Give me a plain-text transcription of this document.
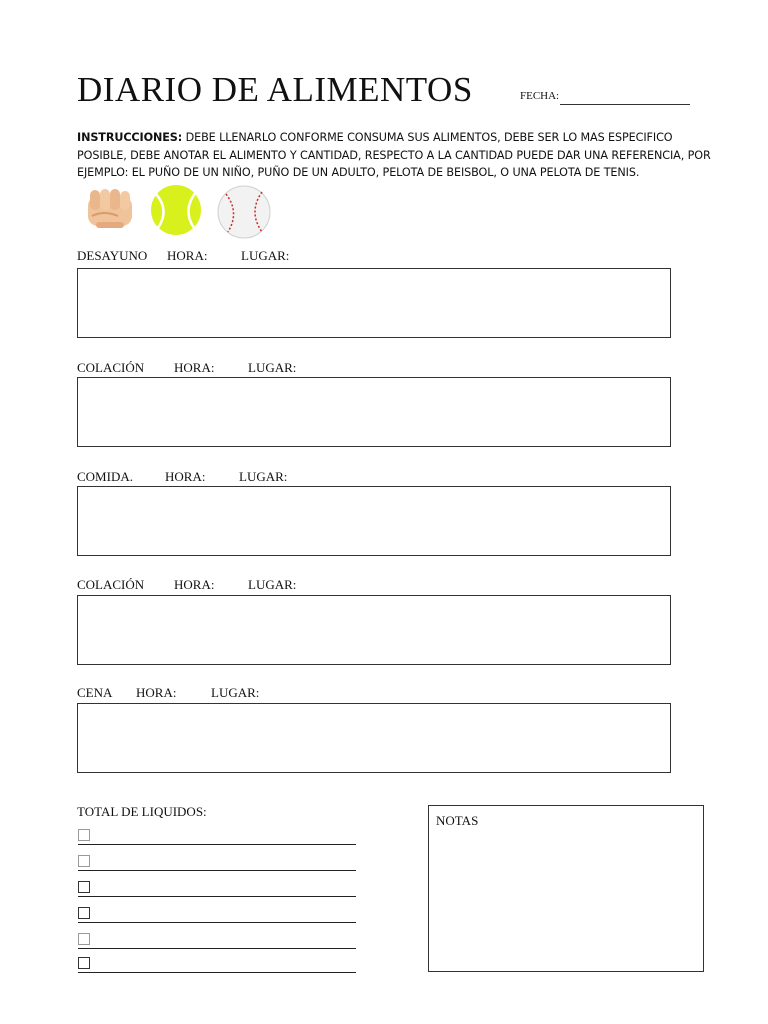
DIARIO DE ALIMENTOS	FECHA:
INSTRUCCIONES: DEBE LLENARLO CONFORME CONSUMA SUS ALIMENTOS, DEBE SER LO MAS ESPECIFICO POSIBLE, DEBE ANOTAR EL ALIMENTO Y CANTIDAD, RESPECTO A LA CANTIDAD PUEDE DAR UNA REFERENCIA, POR EJEMPLO: EL PUÑO DE UN NIÑO, PUÑO DE UN ADULTO, PELOTA DE BEISBOL, O UNA PELOTA DE TENIS.
DESAYUNO HORA:	LUGAR:
COLACIÓN HORA:	LUGAR:
COMIDA. HORA:	LUGAR:
COLACIÓN HORA:	LUGAR:
CENA HORA:	LUGAR:
TOTAL DE LIQUIDOS:
NOTAS
